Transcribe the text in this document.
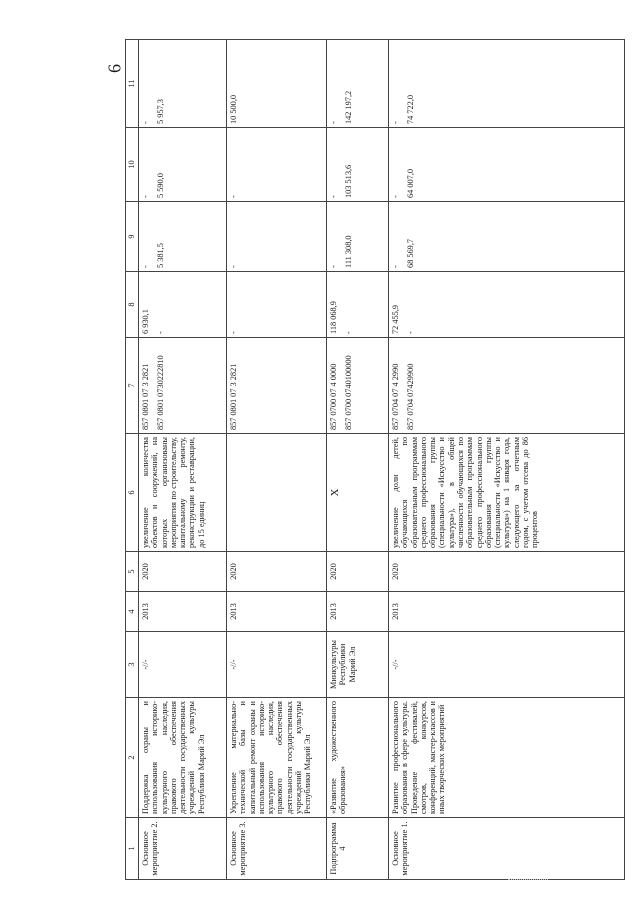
6
1	2	3	4	5	6	7	8	9	10	11
Основное мероприятие 2.	Поддержка охраны и использования историко-культурного наследия, правового обеспечения деятельности государственных учреждений культуры Республики Марий Эл	-//-	2013	2020	увеличение количества объектов и сооружений, на которых организованы мероприятия по строительству, капитальному ремонту, реконструкции и реставрации, до 15 единиц	857 0801 07 3 2821 857 0801 0730222810	6 930,1 -	- 5 381,5	- 5 590,0	- 5 957,3

Основное мероприятие 3.	Укрепление материально-технической базы и капитальный ремонт охраны и использования историко-культурного наследия, правового обеспечения деятельности государственных учреждений культуры Республики Марий Эл	-//-	2013	2020		857 0801 07 3 2821	-	-	-	10 500,0

Подпрограмма 4	«Развитие художественного образования»	Минкультуры Республики Марий Эл	2013	2020	X	857 0700 07 4 0000 857 0700 0740100000	118 068,9 -	- 111 308,0	- 103 513,6	- 142 197,2

Основное мероприятие 1.	Развитие профессионального образования в сфере культуры. Проведение фестивалей, смотров, конкурсов, конференций, мастер-классов и иных творческих мероприятий	-//-	2013	2020	увеличение доли детей, обучающихся по образовательным программам среднего профессионального образования группы (специальности «Искусство и культура»), в общей численности обучающихся по образовательным программам среднего профессионального образования группы (специальности «Искусство и культура») на 1 января года, следующего за отчетным годом, с учетом отсева до 86 процентов	857 0704 07 4 2990 857 0704 07429900	72 455,9 -	- 68 569,7	- 64 007,0	- 74 722,0
